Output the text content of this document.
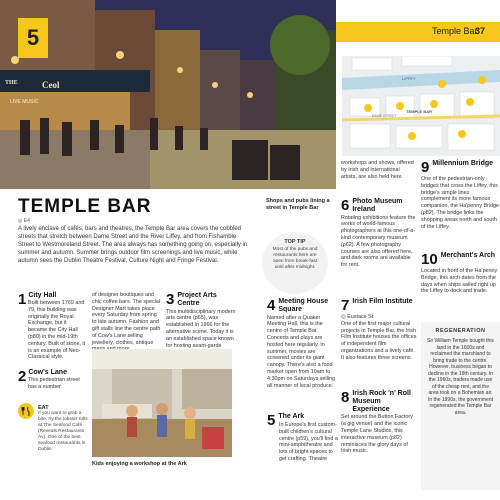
Ceol
LIVE MUSIC
THE
5	Temple Bar
37
LIFFEY
TEMPLE BAR
DAME STREET
Shops and pubs lining a street in Temple Bar
TEMPLE BAR
◎ E4
A lively enclave of cafés, bars and theatres, the Temple Bar area covers the cobbled streets that stretch between Dame Street and the River Liffey, and from Fishamble Street to Westmoreland Street. The area always has something going on, especially in summer and autumn. Summer brings outdoor film screenings and live music, while autumn sees the Dublin Theatre Festival, Culture Night and Fringe Festival.
TOP TIP
Most of the pubs and restaurants here are open from break-fast until after midnight.
1 City Hall
Built between 1769 and 79, this building was originally the Royal Exchange, but it became the City Hall (p80) in the mid-19th century. Built of stone, it is an example of Neo-Classical style.
2 Cow's Lane
This pedestrian street has a number
EAT
If you want to grab a bite, try the lobster rolls at The Seafood Café (Reveals Restaurants Av). One of the best seafood restaurants in Dublin.
of designer boutiques and chic coffee bars. The special Designer Mart takes place every Saturday from spring to late autumn. Fashion and gift stalls line the centre path of Cow's Lane selling jewellery, clothes, antique
3 Project Arts Centre
This multidisciplinary modern arts centre (p65), was established in 1966 for the alternative scene. Today it is an established space known for hosting avant-garde
Kids enjoying a workshop at the Ark
4 Meeting House Square
Named after a Quaker Meeting Hall, this is the centre of Temple Bar. Concerts and plays are hosted here regularly. In summer, movies are screened under its giant canopy. There's also a food market open from 10am to 4:30pm on Saturdays selling all manner of local produce.
5 The Ark
In Europe's first custom-built children's cultural centre (p59), you'll find a mini-amphitheatre and lots of bright spaces to get crafting. Theatre
workshops and shows, offered by Irish and international artists, are also held here.
6 Photo Museum Ireland
Rotating exhibitions feature the works of world-famous photographers at this one-of-a-kind contemporary museum (p62). A few photography courses are also offered here, and dark rooms are available for rent.
7 Irish Film Institute
◎ Eustace St
One of the first major cultural projects in Temple Bar, the Irish Film Institute houses the offices of independent film organizations and a lively café. It also features three screens.
8 Irish Rock 'n' Roll Museum Experience
Set around the Button Factory (a gig venue) and the iconic Temple Lane Studios, this interactive museum (p82) reminisces the glory days of Irish music.
9 Millennium Bridge
One of the pedestrian-only bridges that cross the Liffey, this bridge's simple lines complement its more famous companion, the Ha'penny Bridge (p82). The bridge links the shopping areas north and south of the Liffey.
10 Merchant's Arch
Located in front of the Ha'penny Bridge, this arch dates from the days when ships sailed right up the Liffey to dock and trade.
REGENERATION
Sir William Temple bought this land in the 1600s and reclaimed the marshland to bring trade to the centre. However, business began to decline in the 19th century. In the 1960s, traders made use of the cheap rent, and the area took on a Bohemian air. In the 1990s, the government regenerated the Temple Bar area.
